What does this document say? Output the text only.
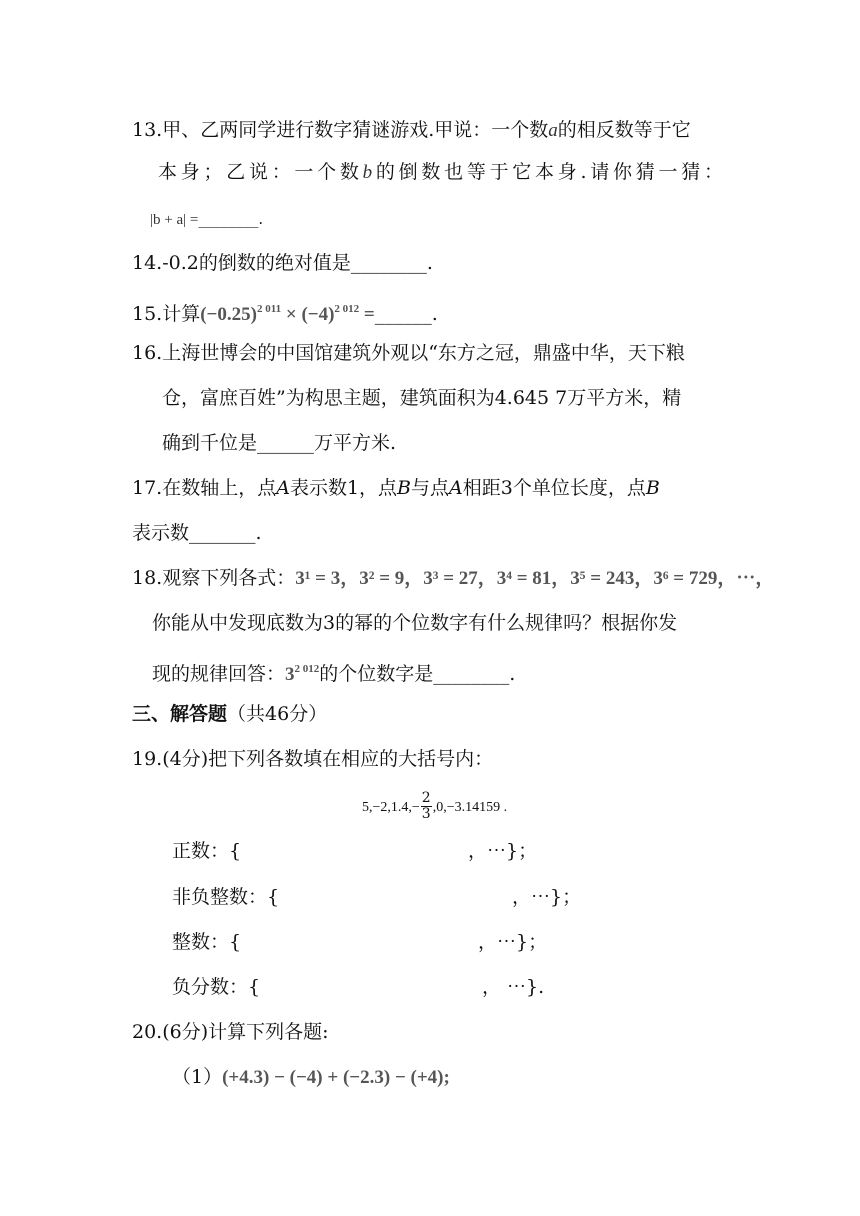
13.甲、乙两同学进行数字猜谜游戏.甲说：一个数a的相反数等于它
本身；乙说：一个数b的倒数也等于它本身.请你猜一猜：
|b + a| =________.
14.-0.2的倒数的绝对值是________.
15.计算$(-0.25)^{2 011} \times (-4)^{2 012}$ =______.
16.上海世博会的中国馆建筑外观以“东方之冠，鼎盛中华，天下粮
仓，富庶百姓”为构思主题，建筑面积为4.645 7万平方米，精
确到千位是______万平方米.
17.在数轴上，点A表示数1，点B与点A相距3个单位长度，点B
表示数_______.
18.观察下列各式：3¹ = 3，3² = 9，3³ = 27，3⁴ = 81，3⁵ = 243，3⁶ = 729，⋯，
你能从中发现底数为3的幂的个位数字有什么规律吗？根据你发
现的规律回答：$3^{2 012}$的个位数字是________.
三、解答题（共46分）
19.(4分)把下列各数填在相应的大括号内：
$5,-2,1.4,- \frac{2}{3} ,0,-3.14159$ .
正数：{	，⋯}；
非负整数：{	，⋯}；
整数：{	，⋯}；
负分数：{	， ⋯}.
20.(6分)计算下列各题:
（1）(+4.3) − (−4) + (−2.3) − (+4);
